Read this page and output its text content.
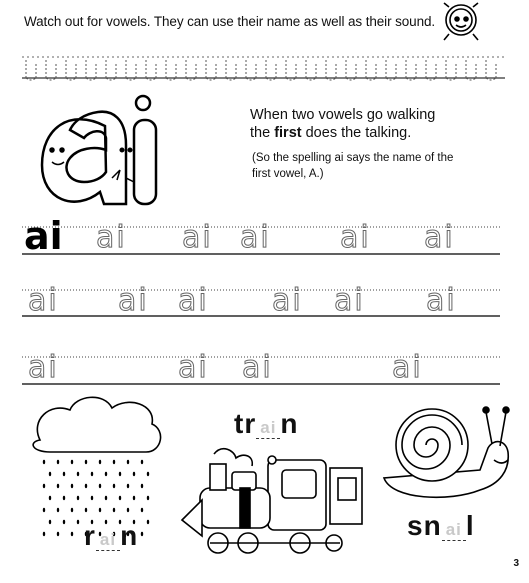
Watch out for vowels. They can use their name as well as their sound.
When two vowels go walking
the first does the talking.
(So the spelling ai says the name of the first vowel, A.)
ai ai ai ai ai ai
ai ai ai ai ai ai
ai	ai ai	ai
tr ai n
r ai n	sn ai l
3
